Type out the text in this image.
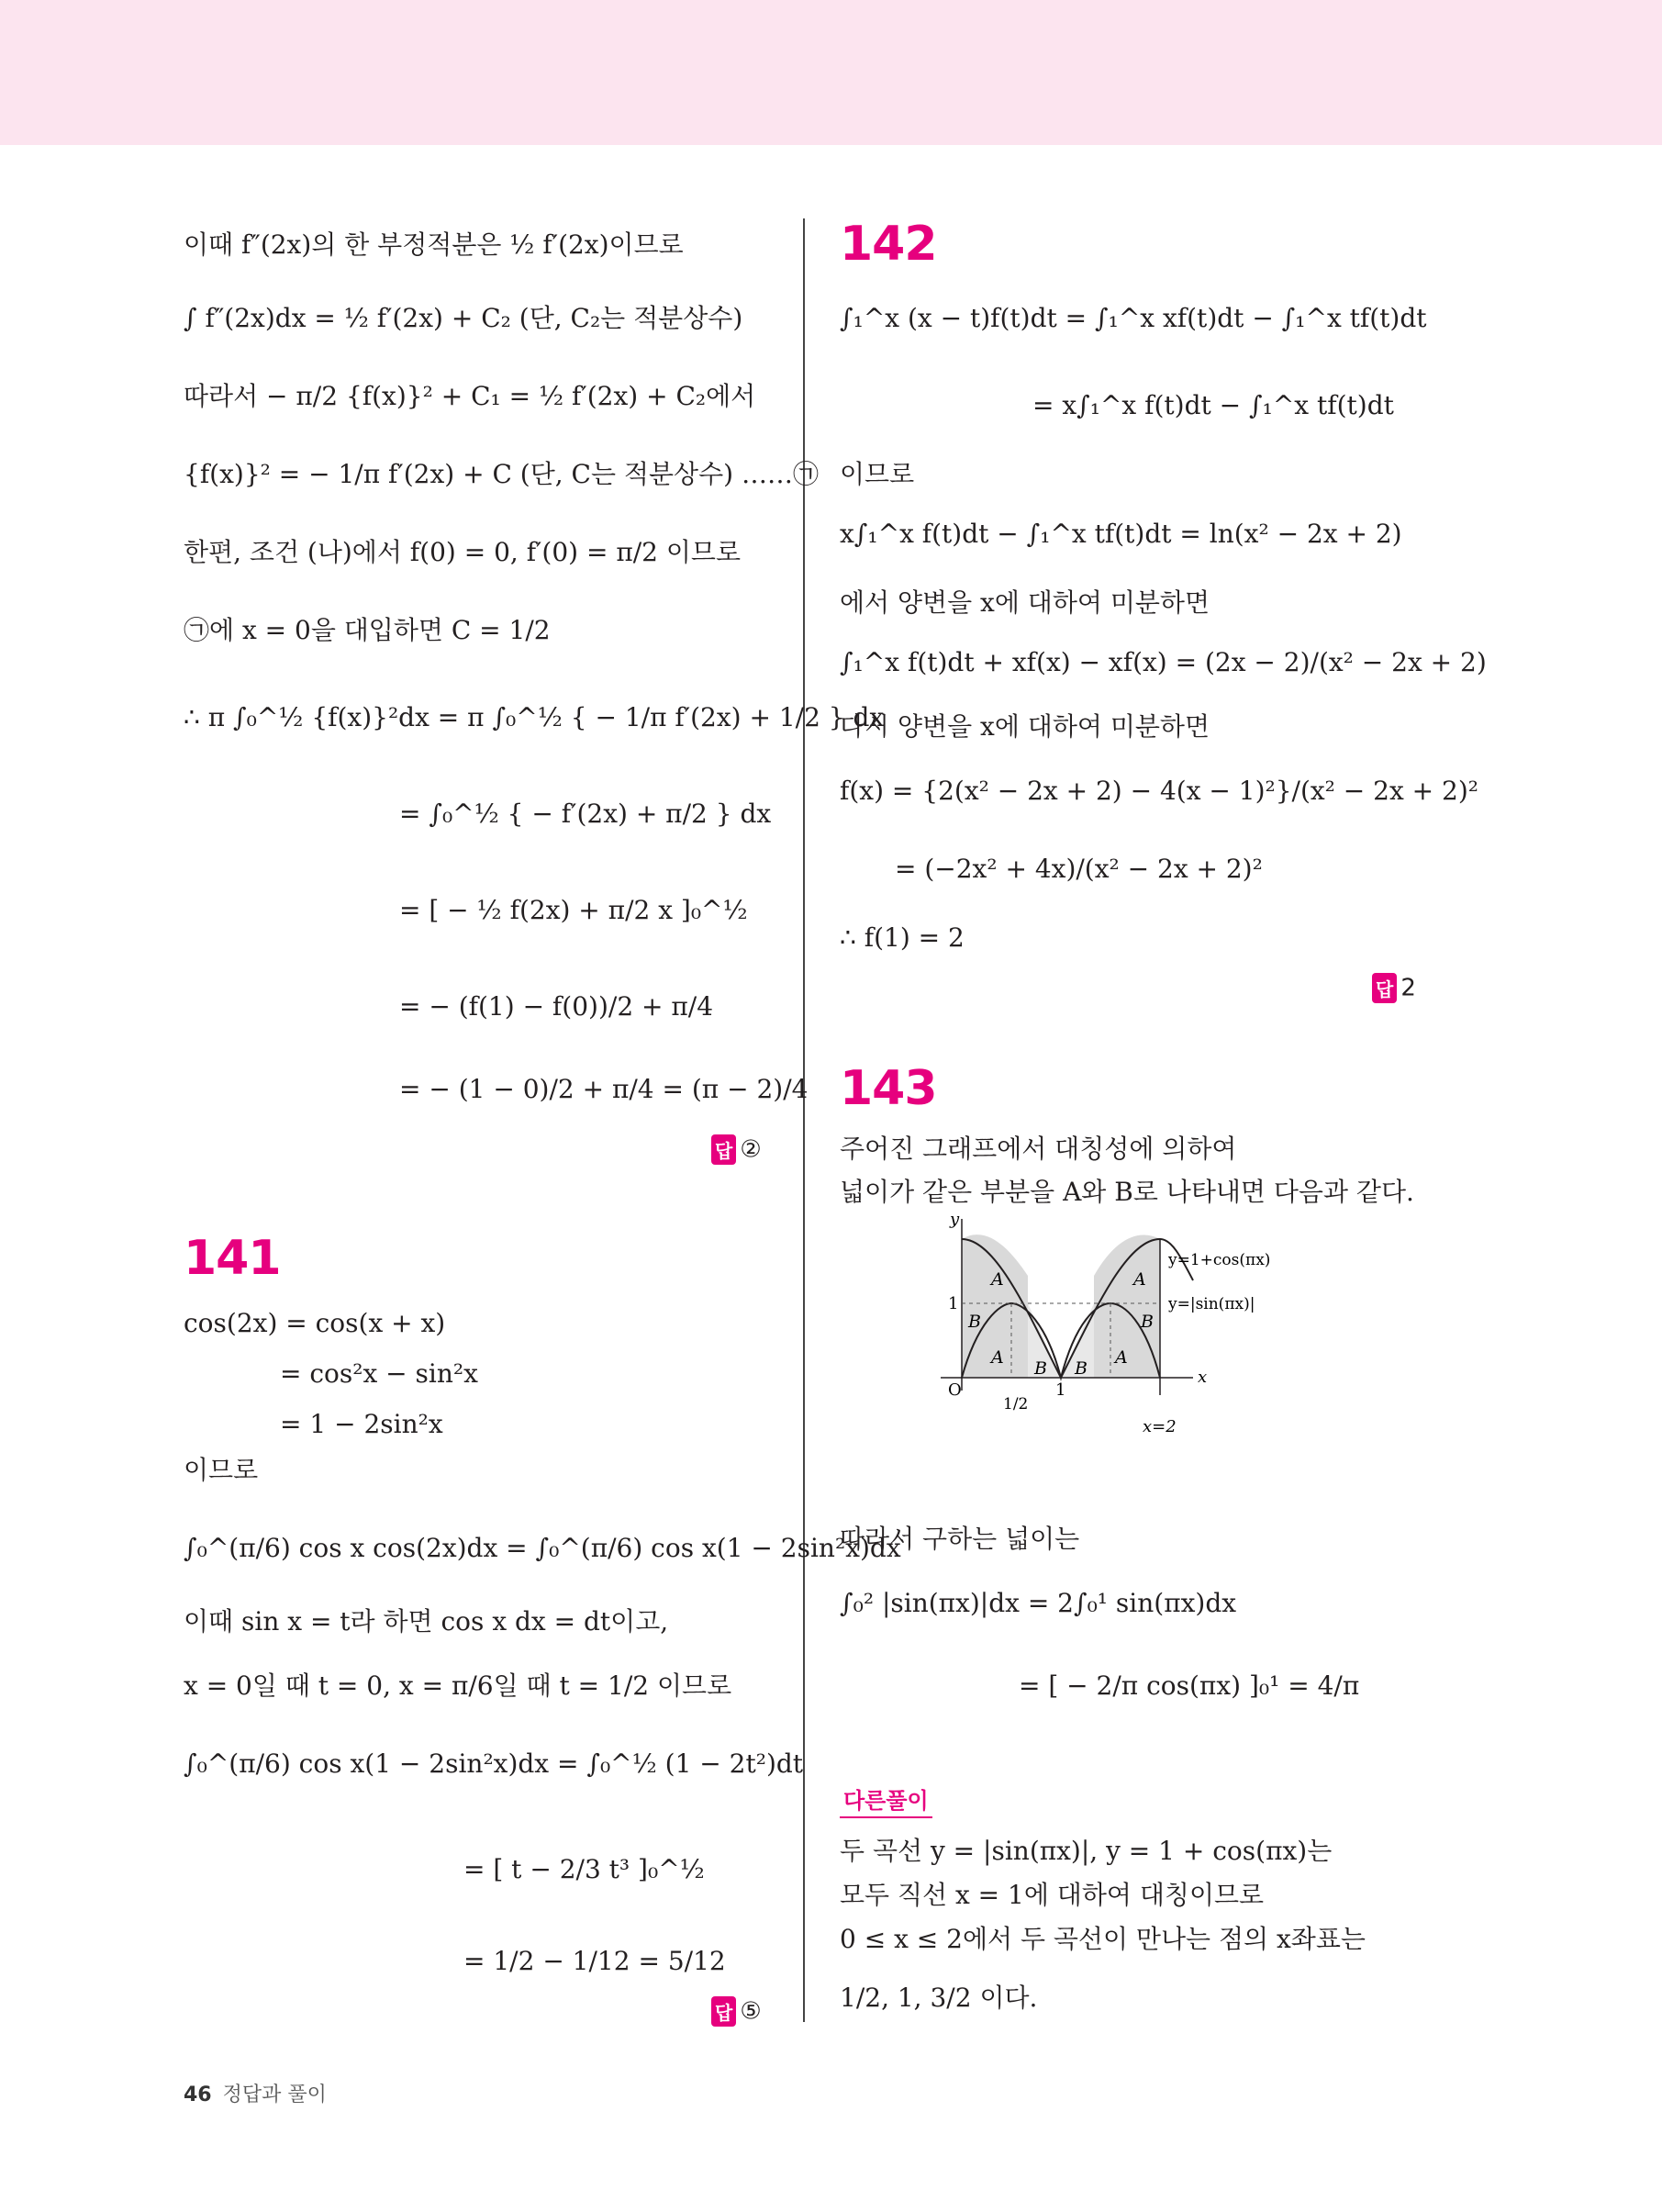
이때 f″(2x)의 한 부정적분은 ½ f′(2x)이므로
∫ f″(2x)dx = ½ f′(2x) + C₂ (단, C₂는 적분상수)
따라서 − π/2 {f(x)}² + C₁ = ½ f′(2x) + C₂에서
{f(x)}² = − 1/π f′(2x) + C (단, C는 적분상수) ……㉠
한편, 조건 (나)에서 f(0) = 0, f′(0) = π/2 이므로
㉠에 x = 0을 대입하면 C = 1/2
∴ π ∫₀^½ {f(x)}²dx = π ∫₀^½ { − 1/π f′(2x) + 1/2 } dx
= ∫₀^½ { − f′(2x) + π/2 } dx
= [ − ½ f(2x) + π/2 x ]₀^½
= − (f(1) − f(0))/2 + π/4
= − (1 − 0)/2 + π/4 = (π − 2)/4
답 ②
141
cos(2x) = cos(x + x)
= cos²x − sin²x
= 1 − 2sin²x
이므로
∫₀^(π/6) cos x cos(2x)dx = ∫₀^(π/6) cos x(1 − 2sin²x)dx
이때 sin x = t라 하면 cos x dx = dt이고,
x = 0일 때 t = 0, x = π/6일 때 t = 1/2 이므로
∫₀^(π/6) cos x(1 − 2sin²x)dx = ∫₀^½ (1 − 2t²)dt
= [ t − 2/3 t³ ]₀^½
= 1/2 − 1/12 = 5/12
답 ⑤
142
∫₁^x (x − t)f(t)dt = ∫₁^x xf(t)dt − ∫₁^x tf(t)dt
= x∫₁^x f(t)dt − ∫₁^x tf(t)dt
이므로
x∫₁^x f(t)dt − ∫₁^x tf(t)dt = ln(x² − 2x + 2)
에서 양변을 x에 대하여 미분하면
∫₁^x f(t)dt + xf(x) − xf(x) = (2x − 2)/(x² − 2x + 2)
다시 양변을 x에 대하여 미분하면
f(x) = {2(x² − 2x + 2) − 4(x − 1)²}/(x² − 2x + 2)²
= (−2x² + 4x)/(x² − 2x + 2)²
∴ f(1) = 2
답 2
143
주어진 그래프에서 대칭성에 의하여
넓이가 같은 부분을 A와 B로 나타내면 다음과 같다.
y
x
O
1/2
1
x=2
1
y=1+cos(πx)
y=|sin(πx)|
A	A
B	B
A	A
B B
따라서 구하는 넓이는
∫₀² |sin(πx)|dx = 2∫₀¹ sin(πx)dx
= [ − 2/π cos(πx) ]₀¹ = 4/π
다른풀이
두 곡선 y = |sin(πx)|, y = 1 + cos(πx)는
모두 직선 x = 1에 대하여 대칭이므로
0 ≤ x ≤ 2에서 두 곡선이 만나는 점의 x좌표는
1/2, 1, 3/2 이다.
46 정답과 풀이
